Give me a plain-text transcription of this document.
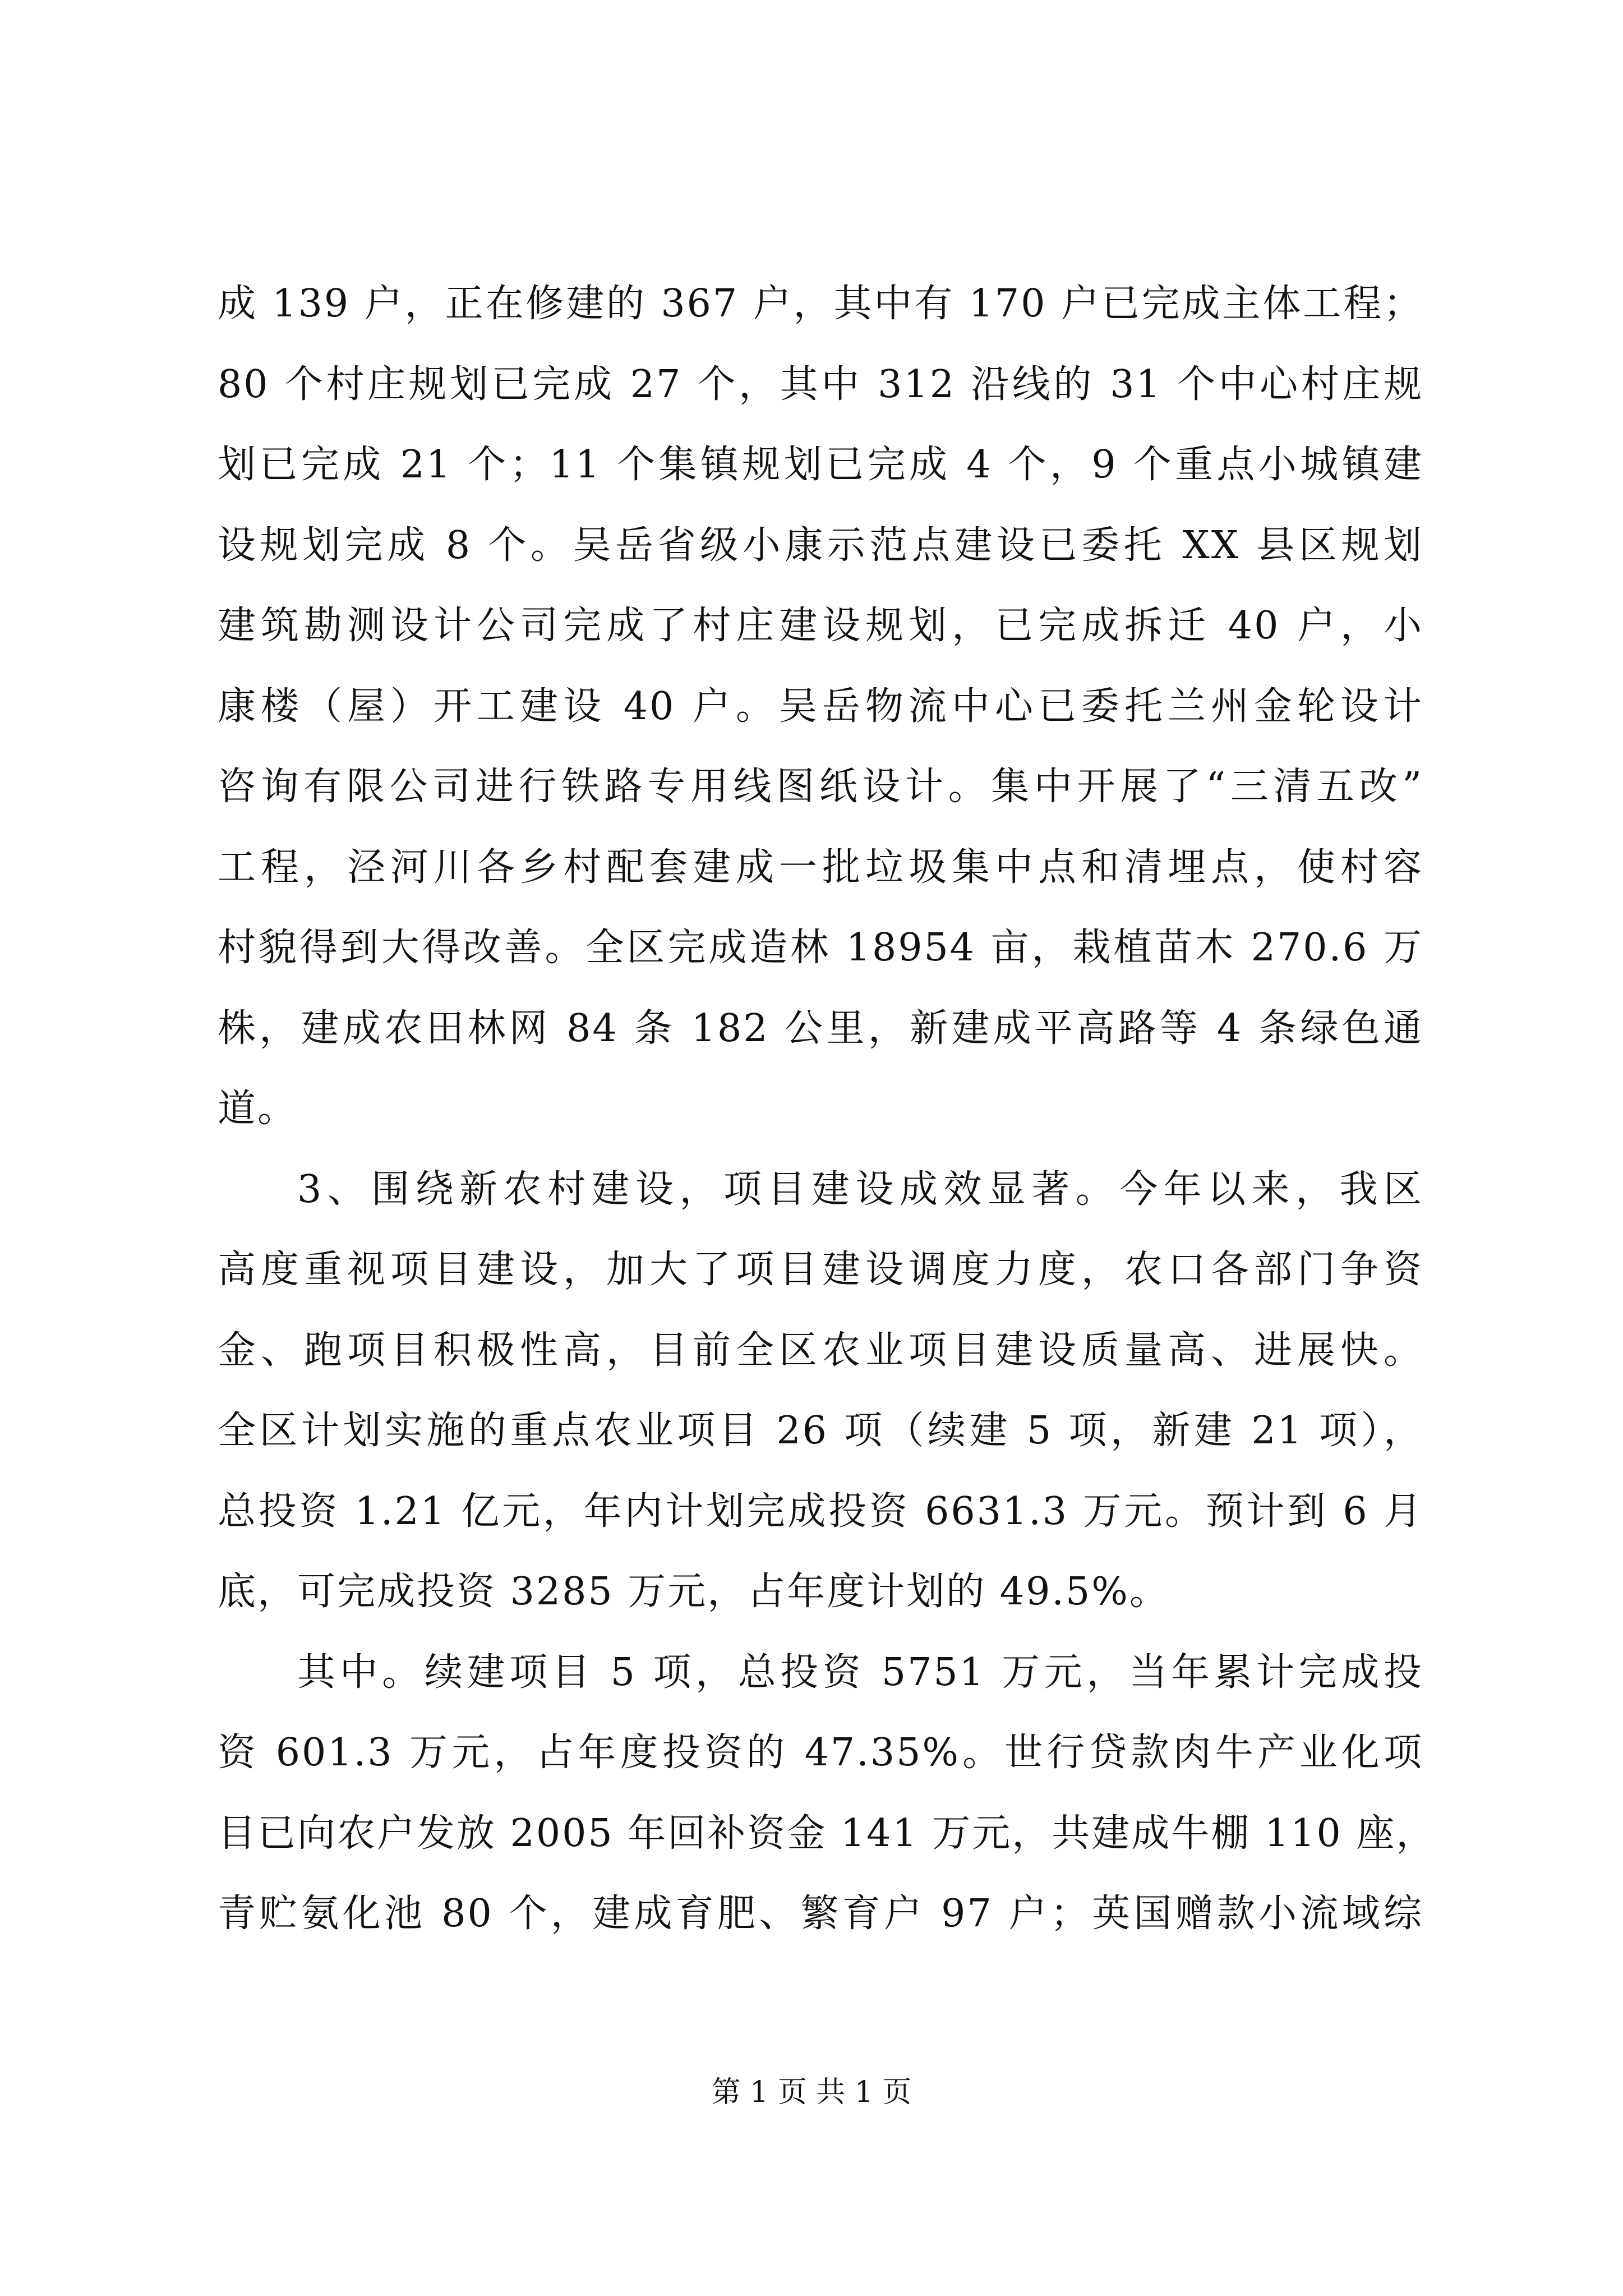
成 139 户，正在修建的 367 户，其中有 170 户已完成主体工程；
80 个村庄规划已完成 27 个，其中 312 沿线的 31 个中心村庄规
划已完成 21 个；11 个集镇规划已完成 4 个，9 个重点小城镇建
设规划完成 8 个。吴岳省级小康示范点建设已委托 XX 县区规划
建筑勘测设计公司完成了村庄建设规划，已完成拆迁 40 户，小
康楼（屋）开工建设 40 户。吴岳物流中心已委托兰州金轮设计
咨询有限公司进行铁路专用线图纸设计。集中开展了“三清五改”
工程，泾河川各乡村配套建成一批垃圾集中点和清埋点，使村容
村貌得到大得改善。全区完成造林 18954 亩，栽植苗木 270.6 万
株，建成农田林网 84 条 182 公里，新建成平高路等 4 条绿色通
道。
3、围绕新农村建设，项目建设成效显著。今年以来，我区
高度重视项目建设，加大了项目建设调度力度，农口各部门争资
金、跑项目积极性高，目前全区农业项目建设质量高、进展快。
全区计划实施的重点农业项目 26 项（续建 5 项，新建 21 项），
总投资 1.21 亿元，年内计划完成投资 6631.3 万元。预计到 6 月
底，可完成投资 3285 万元，占年度计划的 49.5%。
其中。续建项目 5 项，总投资 5751 万元，当年累计完成投
资 601.3 万元，占年度投资的 47.35%。世行贷款肉牛产业化项
目已向农户发放 2005 年回补资金 141 万元，共建成牛棚 110 座，
青贮氨化池 80 个，建成育肥、繁育户 97 户；英国赠款小流域综
第 1 页 共 1 页
